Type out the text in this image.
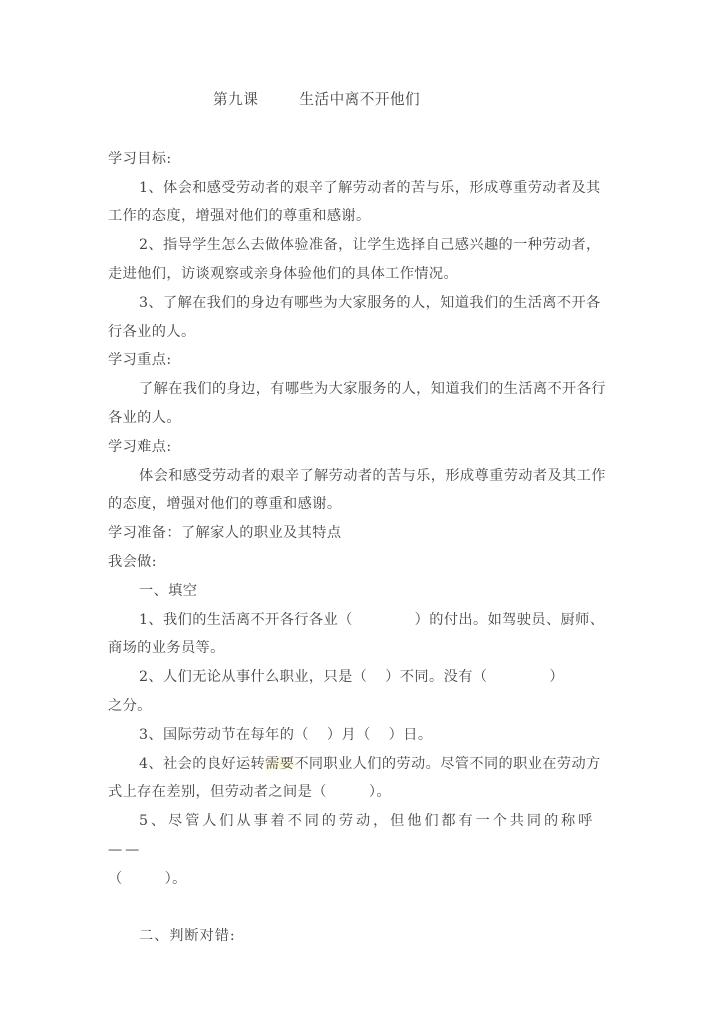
第九课        生活中离不开他们
学习目标:
1、体会和感受劳动者的艰辛了解劳动者的苦与乐，形成尊重劳动者及其工作的态度，增强对他们的尊重和感谢。
2、指导学生怎么去做体验准备，让学生选择自己感兴趣的一种劳动者，走进他们，访谈观察或亲身体验他们的具体工作情况。
3、了解在我们的身边有哪些为大家服务的人，知道我们的生活离不开各行各业的人。
学习重点:
了解在我们的身边，有哪些为大家服务的人，知道我们的生活离不开各行各业的人。
学习难点:
体会和感受劳动者的艰辛了解劳动者的苦与乐，形成尊重劳动者及其工作的态度，增强对他们的尊重和感谢。
学习准备：了解家人的职业及其特点
我会做:
一、填空
1、我们的生活离不开各行各业（	）的付出。如驾驶员、厨师、商场的业务员等。
2、人们无论从事什么职业，只是（ ）不同。没有（	）
之分。
3、国际劳动节在每年的（ ）月（ ）日。
4、社会的良好运转需要不同职业人们的劳动。尽管不同的职业在劳动方式上存在差别，但劳动者之间是（	）。
5、尽管人们从事着不同的劳动，但他们都有一个共同的称呼——
（	）。
二、判断对错:
